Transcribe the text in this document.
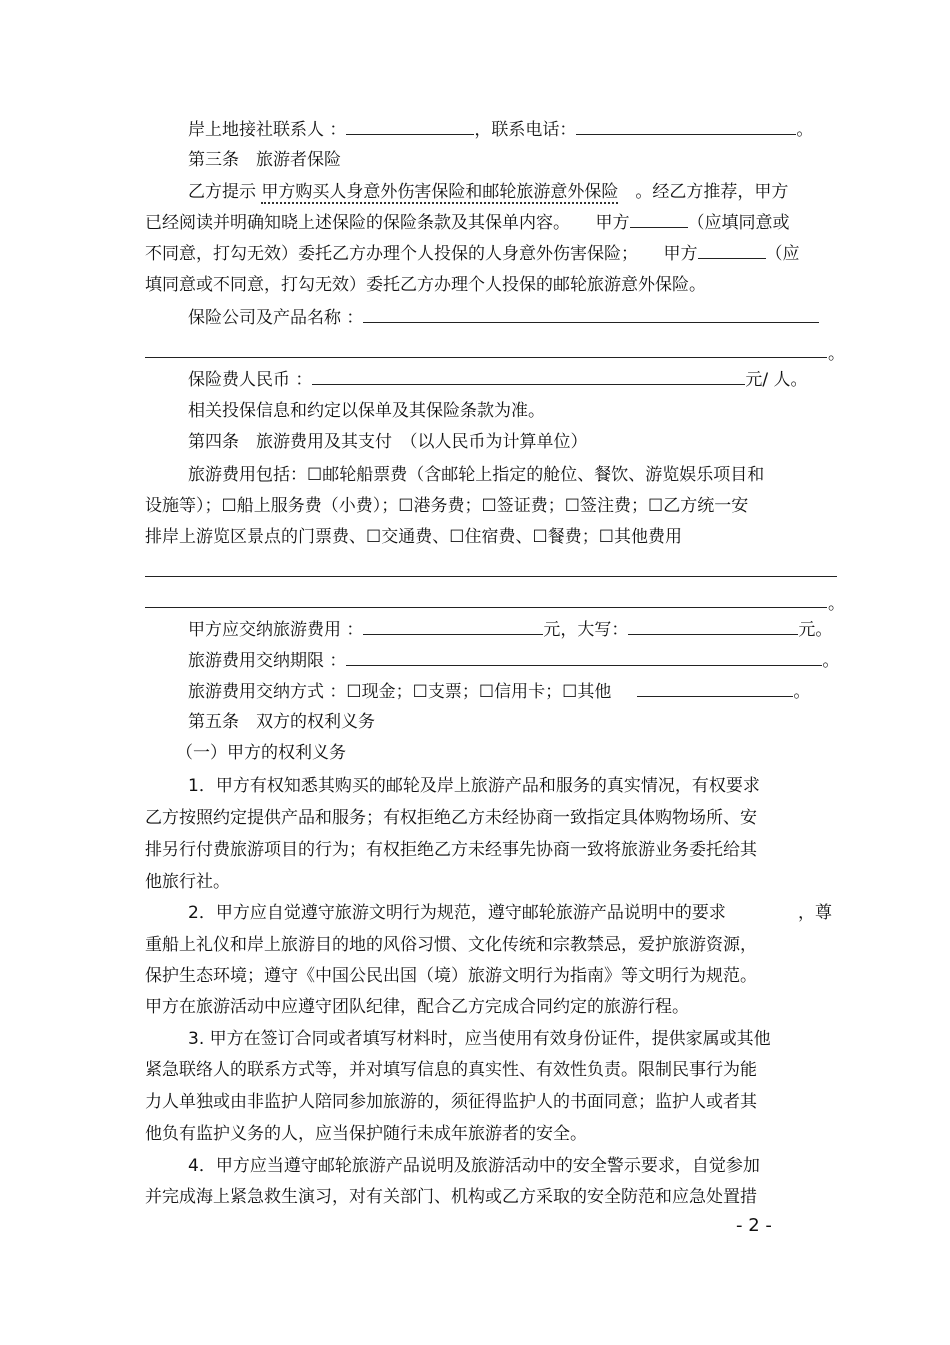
岸上地接社联系人 ：	，联系电话：	。
第三条　旅游者保险
乙方提示 甲方购买人身意外伤害保险和邮轮旅游意外保险　。经乙方推荐，甲方
已经阅读并明确知晓上述保险的保险条款及其保单内容。　　甲方	（应填同意或
不同意，打勾无效）委托乙方办理个人投保的人身意外伤害保险；　　甲方	（应
填同意或不同意，打勾无效）委托乙方办理个人投保的邮轮旅游意外保险。
保险公司及产品名称 ：
。
保险费人民币 ：	元/ 人。
相关投保信息和约定以保单及其保险条款为准。
第四条　旅游费用及其支付　（以人民币为计算单位）
旅游费用包括：☐邮轮船票费（含邮轮上指定的舱位、餐饮、游览娱乐项目和
设施等）；☐船上服务费（小费）；☐港务费；☐签证费；☐签注费；☐乙方统一安
排岸上游览区景点的门票费、☐交通费、☐住宿费、☐餐费；☐其他费用
。
甲方应交纳旅游费用 ：	元，大写：	元。
旅游费用交纳期限 ：	。
旅游费用交纳方式 ：☐现金；☐支票；☐信用卡；☐其他	。
第五条　双方的权利义务
（一）甲方的权利义务
1．甲方有权知悉其购买的邮轮及岸上旅游产品和服务的真实情况，有权要求
乙方按照约定提供产品和服务；有权拒绝乙方未经协商一致指定具体购物场所、安
排另行付费旅游项目的行为；有权拒绝乙方未经事先协商一致将旅游业务委托给其
他旅行社。
2．甲方应自觉遵守旅游文明行为规范，遵守邮轮旅游产品说明中的要求	，尊
重船上礼仪和岸上旅游目的地的风俗习惯、文化传统和宗教禁忌，爱护旅游资源，
保护生态环境；遵守《中国公民出国（境）旅游文明行为指南》等文明行为规范。
甲方在旅游活动中应遵守团队纪律，配合乙方完成合同约定的旅游行程。
3. 甲方在签订合同或者填写材料时，应当使用有效身份证件，提供家属或其他
紧急联络人的联系方式等，并对填写信息的真实性、有效性负责。限制民事行为能
力人单独或由非监护人陪同参加旅游的，须征得监护人的书面同意；监护人或者其
他负有监护义务的人，应当保护随行未成年旅游者的安全。
4．甲方应当遵守邮轮旅游产品说明及旅游活动中的安全警示要求，自觉参加
并完成海上紧急救生演习，对有关部门、机构或乙方采取的安全防范和应急处置措
- 2 -
